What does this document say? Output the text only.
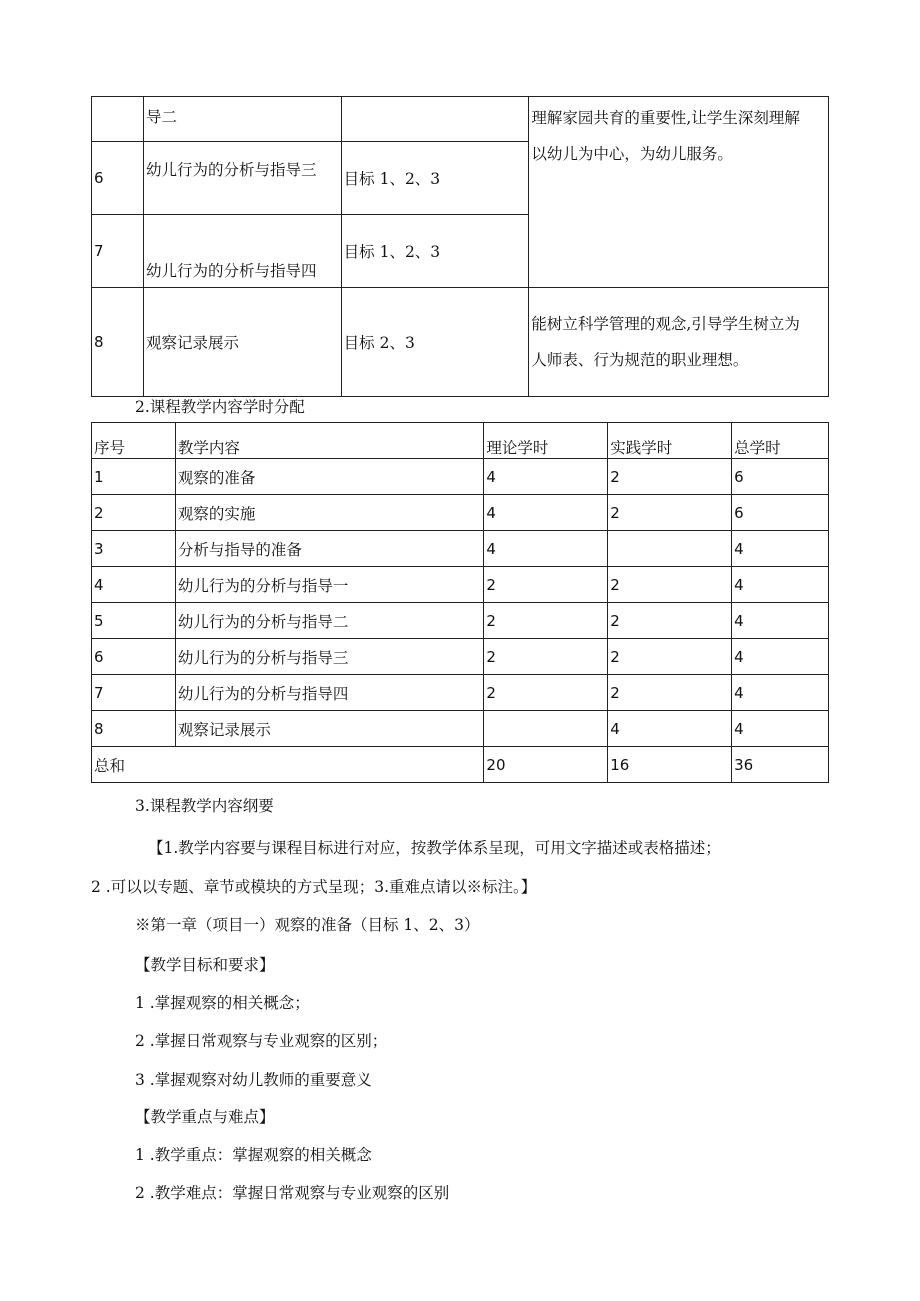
	导二		理解家园共育的重要性,让学生深刻理解
以幼儿为中心，为幼儿服务。

6	幼儿行为的分析与指导三	目标 1、2、3	
7	幼儿行为的分析与指导四	目标 1、2、3	
8	观察记录展示	目标 2、3	能树立科学管理的观念,引导学生树立为
人师表、行为规范的职业理想。
2.课程教学内容学时分配
序号	教学内容	理论学时	实践学时	总学时
1	观察的准备	4	2	6
2	观察的实施	4	2	6
3	分析与指导的准备	4		4
4	幼儿行为的分析与指导一	2	2	4
5	幼儿行为的分析与指导二	2	2	4
6	幼儿行为的分析与指导三	2	2	4
7	幼儿行为的分析与指导四	2	2	4
8	观察记录展示		4	4
总和		20	16	36
3.课程教学内容纲要
【1.教学内容要与课程目标进行对应，按教学体系呈现，可用文字描述或表格描述；
2 .可以以专题、章节或模块的方式呈现；3.重难点请以※标注。】
※第一章（项目一）观察的准备（目标 1、2、3）
【教学目标和要求】
1 .掌握观察的相关概念；
2 .掌握日常观察与专业观察的区别；
3 .掌握观察对幼儿教师的重要意义
【教学重点与难点】
1 .教学重点：掌握观察的相关概念
2 .教学难点：掌握日常观察与专业观察的区别
